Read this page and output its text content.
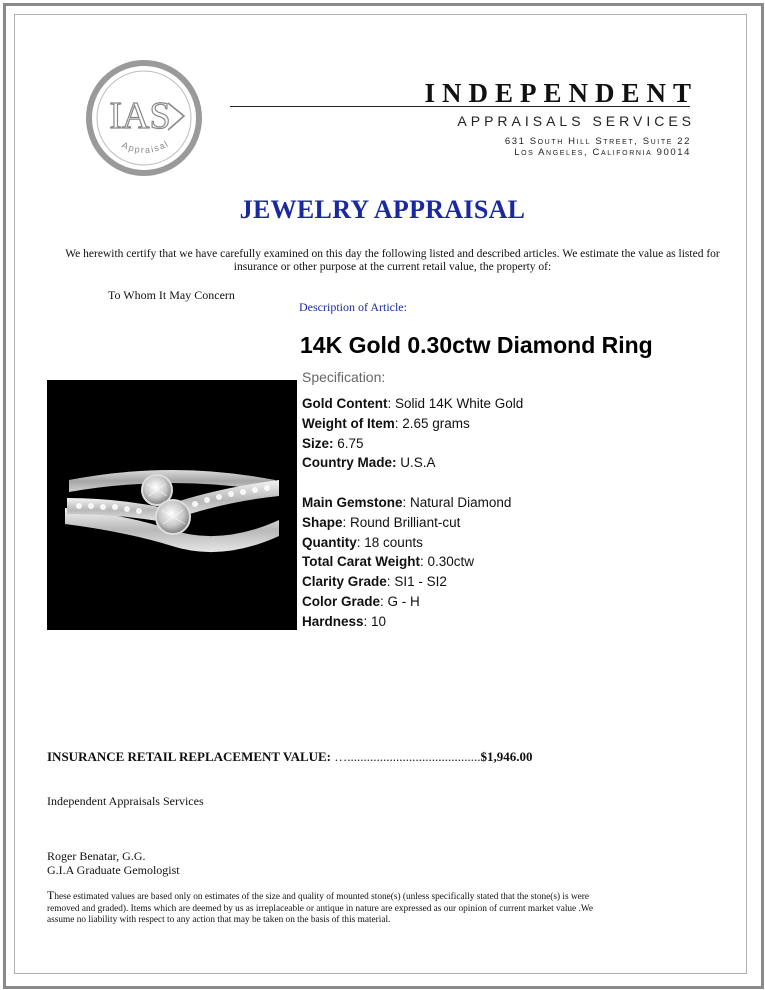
IAS
Appraisal
INDEPENDENT
APPRAISALS SERVICES
631 South Hill Street, Suite 22
Los Angeles, California 90014
JEWELRY APPRAISAL
We herewith certify that we have carefully examined on this day the following listed and described articles. We estimate the value as listed for insurance or other purpose at the current retail value, the property of:
To Whom It May Concern
Description of Article:
14K Gold 0.30ctw Diamond Ring
Specification:
Gold Content: Solid 14K White Gold
Weight of Item: 2.65 grams
Size: 6.75
Country Made: U.S.A
Main Gemstone: Natural Diamond
Shape: Round Brilliant-cut
Quantity: 18 counts
Total Carat Weight: 0.30ctw
Clarity Grade: SI1 - SI2
Color Grade: G - H
Hardness: 10
INSURANCE RETAIL REPLACEMENT VALUE: ….........................................$1,946.00
Independent Appraisals Services
Roger Benatar, G.G.
G.I.A Graduate Gemologist
These estimated values are based only on estimates of the size and quality of mounted stone(s) (unless specifically stated that the stone(s) is were removed and graded). Items which are deemed by us as irreplaceable or antique in nature are expressed as our opinion of current market value .We assume no liability with respect to any action that may be taken on the basis of this material.
